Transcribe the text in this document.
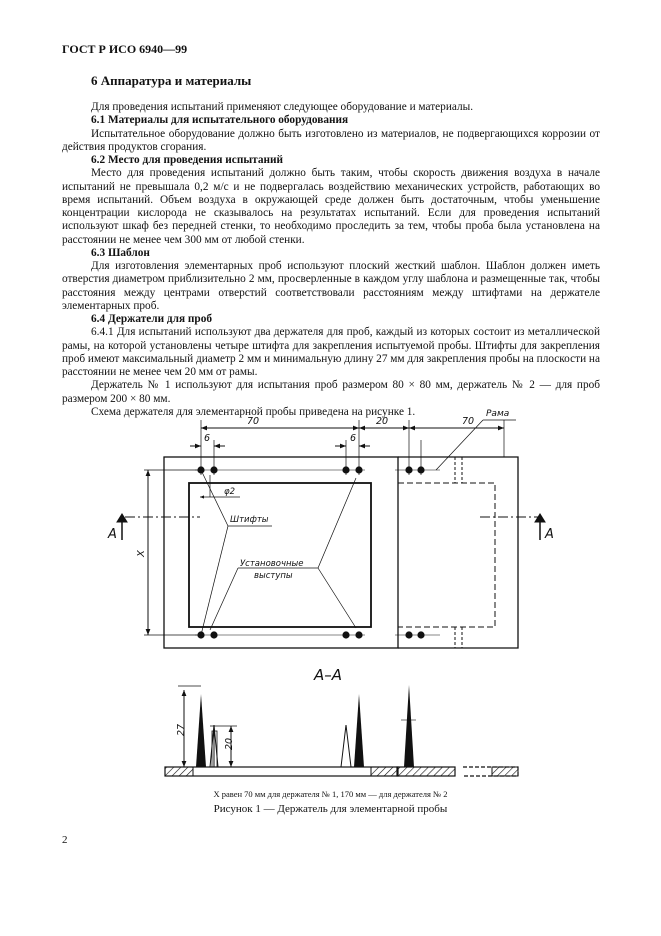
ГОСТ Р ИСО 6940—99
6 Аппаратура и материалы

Для проведения испытаний применяют следующее оборудование и материалы.

6.1 Материалы для испытательного оборудования

Испытательное оборудование должно быть изготовлено из материалов, не подвергающихся коррозии от действия продуктов сгорания.

6.2 Место для проведения испытаний

Место для проведения испытаний должно быть таким, чтобы скорость движения воздуха в начале испытаний не превышала 0,2 м/с и не подвергалась воздействию механических устройств, работающих во время испытаний. Объем воздуха в окружающей среде должен быть достаточным, чтобы уменьшение концентрации кислорода не сказывалось на результатах испытаний. Если для проведения испытаний используют шкаф без передней стенки, то необходимо проследить за тем, чтобы проба была установлена на расстоянии не менее чем 300 мм от любой стенки.

6.3 Шаблон

Для изготовления элементарных проб используют плоский жесткий шаблон. Шаблон должен иметь отверстия диаметром приблизительно 2 мм, просверленные в каждом углу шаблона и размещенные так, чтобы расстояния между центрами отверстий соответствовали расстояниям между штифтами на держателе элементарных проб.

6.4 Держатели для проб

6.4.1 Для испытаний используют два держателя для проб, каждый из которых состоит из металлической рамы, на которой установлены четыре штифта для закрепления испытуемой пробы. Штифты для закрепления проб имеют максимальный диаметр 2 мм и минимальную длину 27 мм для закрепления пробы на плоскости на расстоянии не менее чем 20 мм от рамы.

Держатель № 1 используют для испытания проб размером 80 × 80 мм, держатель № 2 — для проб размером 200 × 80 мм.

Схема держателя для элементарной пробы приведена на рисунке 1.

70	20	70
6	6
Рама
φ2
Штифты
Установочные
выступы
А	А
X
А–А
27
20
X равен 70 мм для держателя № 1, 170 мм — для держателя № 2
Рисунок 1 — Держатель для элементарной пробы
2
